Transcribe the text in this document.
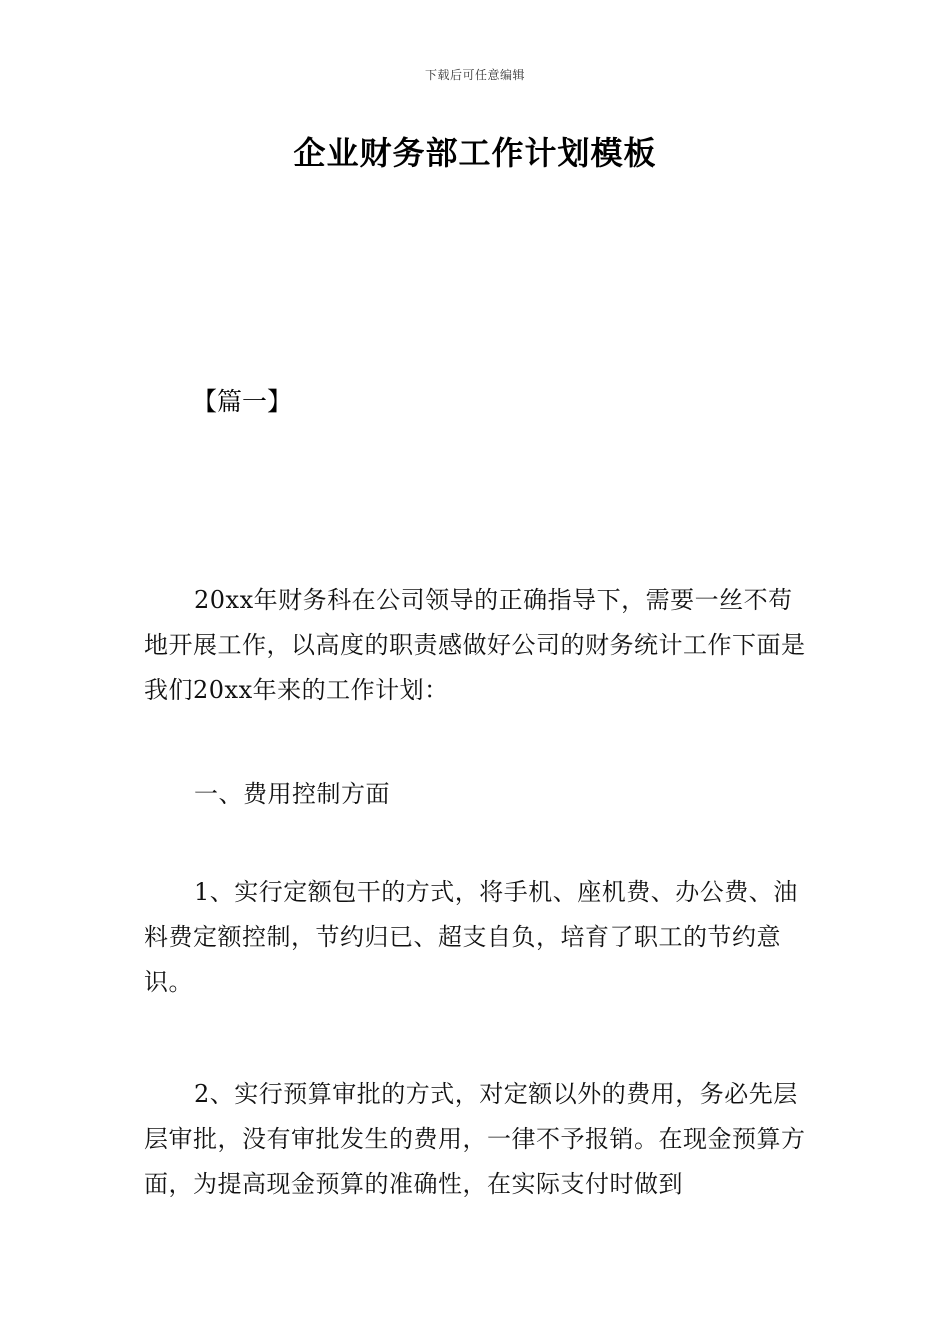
下载后可任意编辑
企业财务部工作计划模板

【篇一】

20xx年财务科在公司领导的正确指导下，需要一丝不苟地开展工作，以高度的职责感做好公司的财务统计工作下面是我们20xx年来的工作计划：

一、费用控制方面

1、实行定额包干的方式，将手机、座机费、办公费、油料费定额控制，节约归已、超支自负，培育了职工的节约意识。

2、实行预算审批的方式，对定额以外的费用，务必先层层审批，没有审批发生的费用，一律不予报销。在现金预算方面，为提高现金预算的准确性，在实际支付时做到
